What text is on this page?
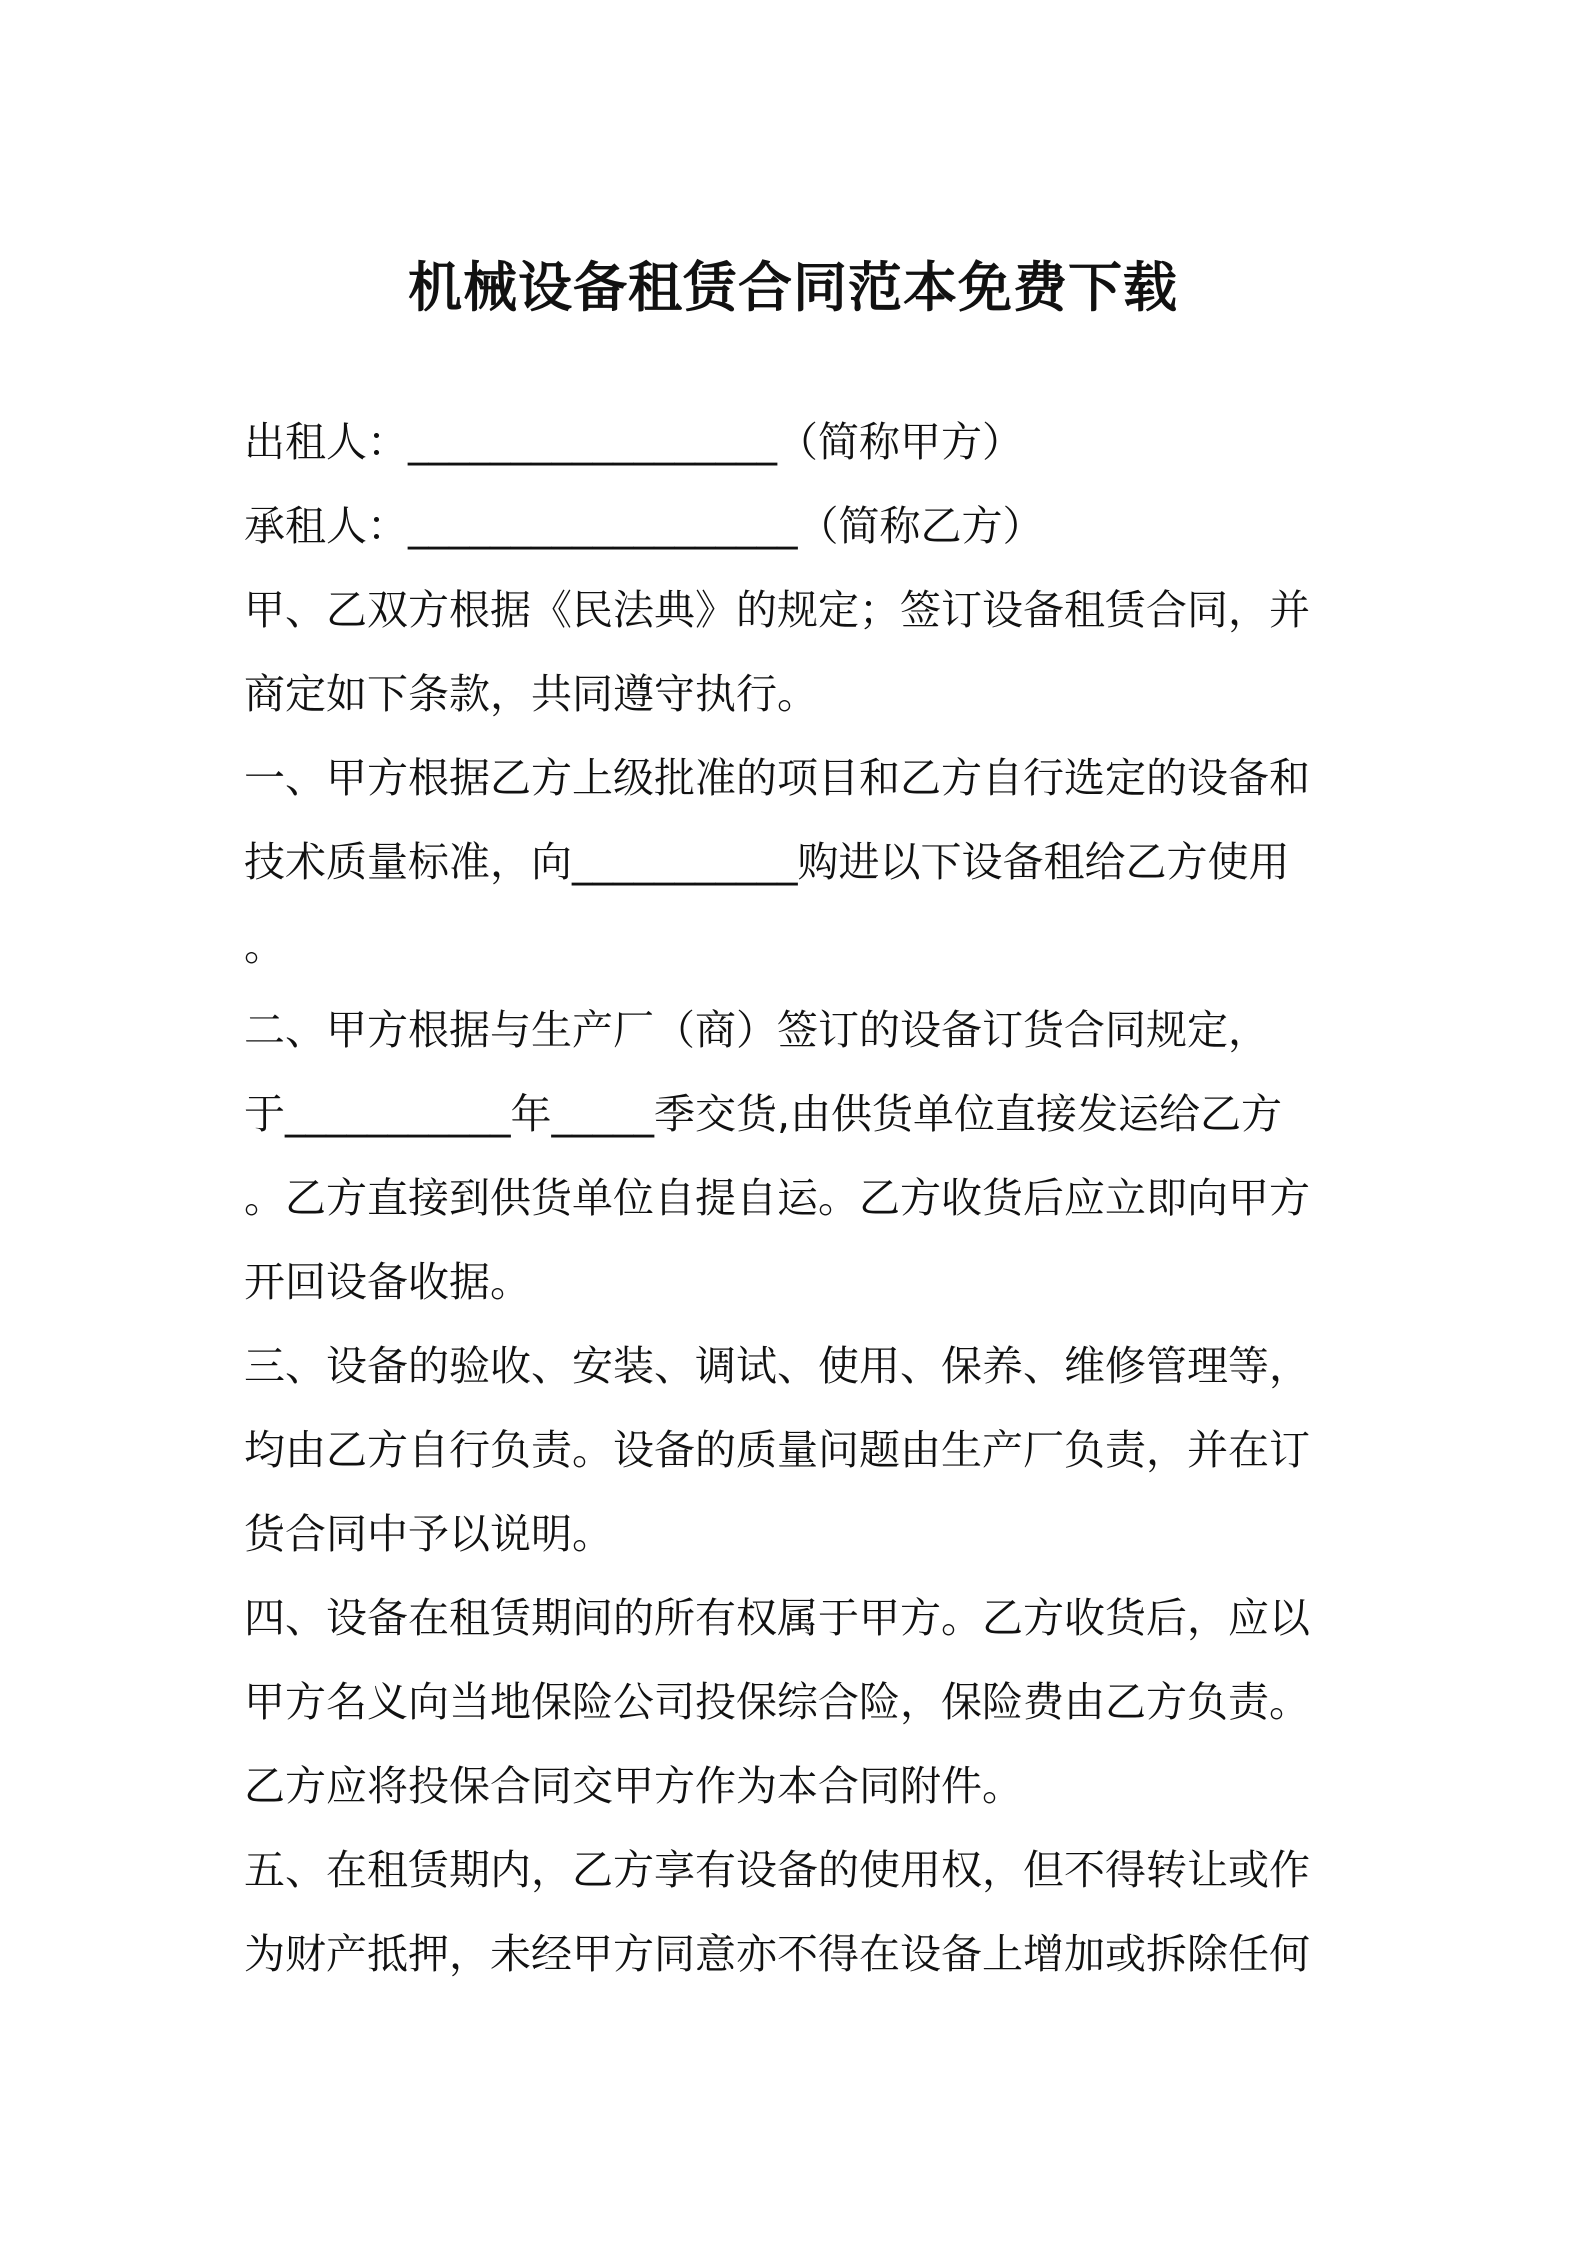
机械设备租赁合同范本免费下载
出租人：__________________（简称甲方）
承租人：___________________（简称乙方）
甲、乙双方根据《民法典》的规定；签订设备租赁合同，并
商定如下条款，共同遵守执行。
一、甲方根据乙方上级批准的项目和乙方自行选定的设备和
技术质量标准，向___________购进以下设备租给乙方使用
。
二、甲方根据与生产厂（商）签订的设备订货合同规定，
于___________年_____季交货,由供货单位直接发运给乙方
。乙方直接到供货单位自提自运。乙方收货后应立即向甲方
开回设备收据。
三、设备的验收、安装、调试、使用、保养、维修管理等，
均由乙方自行负责。设备的质量问题由生产厂负责，并在订
货合同中予以说明。
四、设备在租赁期间的所有权属于甲方。乙方收货后，应以
甲方名义向当地保险公司投保综合险，保险费由乙方负责。
乙方应将投保合同交甲方作为本合同附件。
五、在租赁期内，乙方享有设备的使用权，但不得转让或作
为财产抵押，未经甲方同意亦不得在设备上增加或拆除任何
